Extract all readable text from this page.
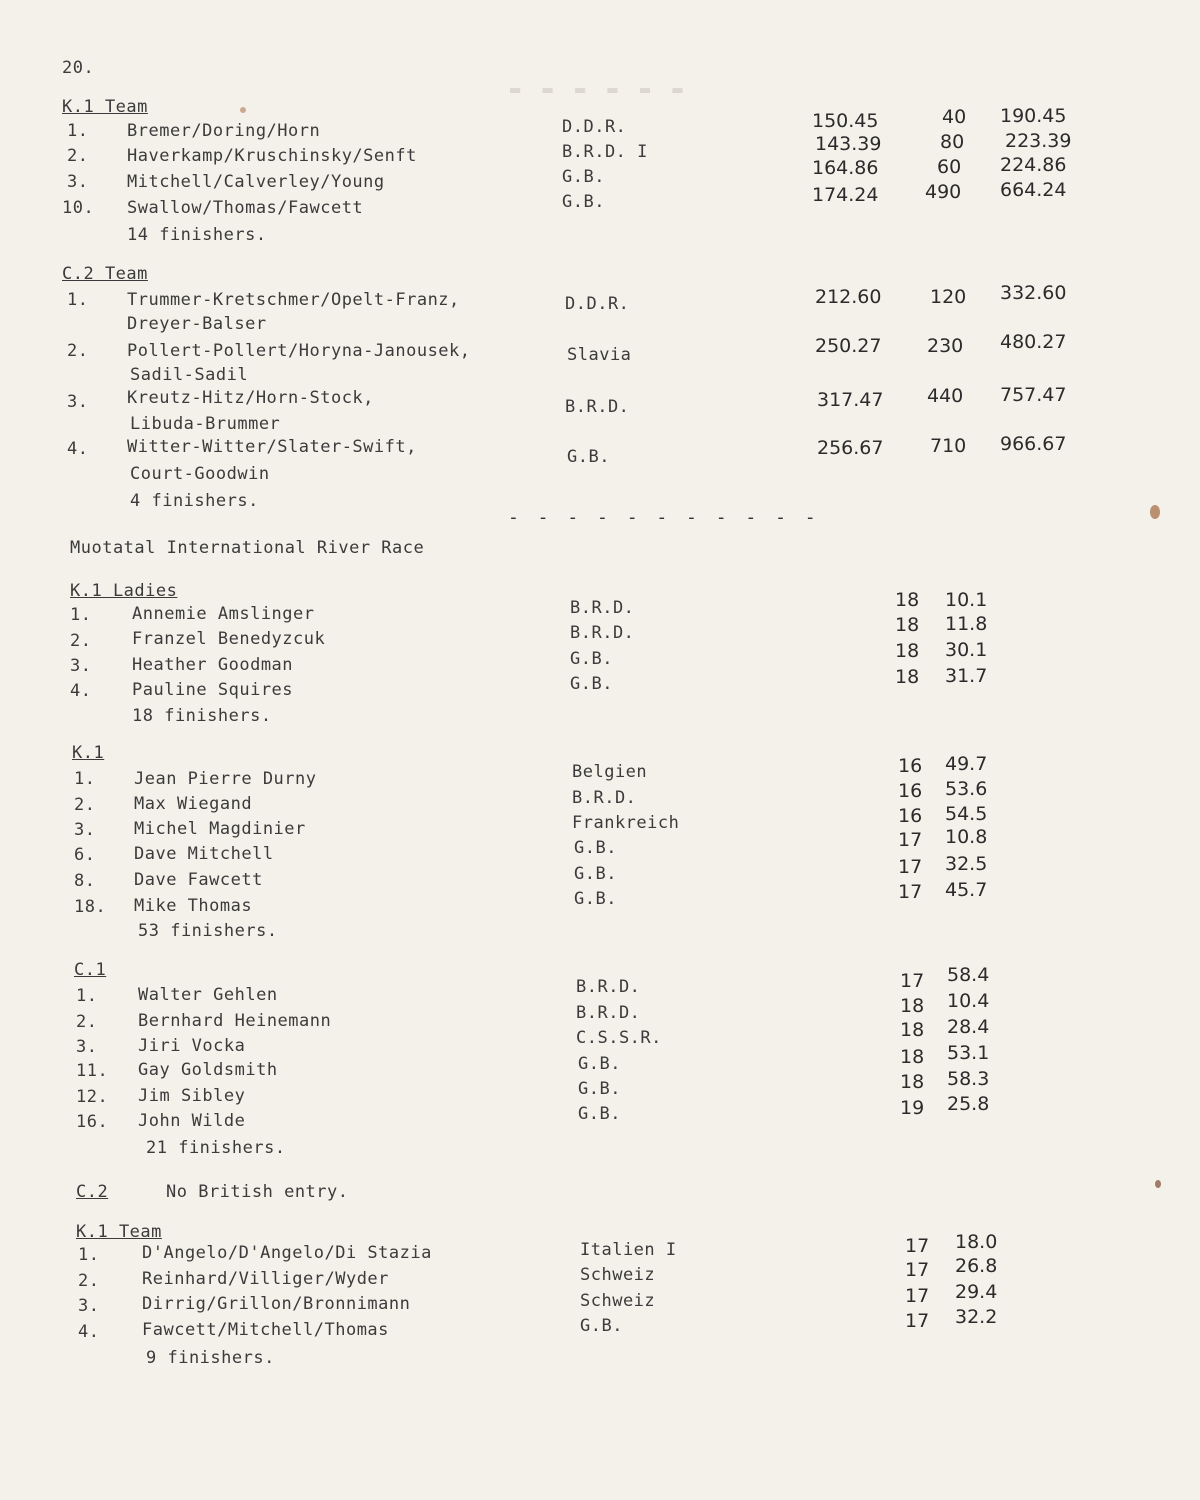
▬ ▬ ▬ ▬ ▬ ▬
20.
K.1 Team
1. Bremer/Doring/Horn	D.D.R.	150.45	40 190.45
2. Haverkamp/Kruschinsky/Senft	B.R.D. I	143.39	80 223.39
3. Mitchell/Calverley/Young	G.B.	164.86	60 224.86
10. Swallow/Thomas/Fawcett	G.B.	174.24 490 664.24
14 finishers.
C.2 Team
1. Trummer-Kretschmer/Opelt-Franz,
Dreyer-Balser
D.D.R.	212.60	120 332.60
2. Pollert-Pollert/Horyna-Janousek,
Sadil-Sadil
Slavia	250.27 230 480.27
3. Kreutz-Hitz/Horn-Stock,
Libuda-Brummer
B.R.D.	317.47 440 757.47
4. Witter-Witter/Slater-Swift,
Court-Goodwin
G.B.	256.67 710 966.67
4 finishers.
- - - - - - - - - - -
Muotatal International River Race
K.1 Ladies
1. Annemie Amslinger	B.R.D.	18 10.1
2. Franzel Benedyzcuk	B.R.D.	18 11.8
3. Heather Goodman	G.B.	18 30.1
4. Pauline Squires	G.B.	18 31.7
18 finishers.
K.1
1. Jean Pierre Durny	Belgien	16 49.7
2. Max Wiegand	B.R.D.	16 53.6
3. Michel Magdinier	Frankreich	16 54.5
6. Dave Mitchell	G.B.	17 10.8
8. Dave Fawcett	G.B.	17 32.5
18. Mike Thomas	G.B.	17 45.7
53 finishers.
C.1
1. Walter Gehlen	B.R.D.	17 58.4
2. Bernhard Heinemann	B.R.D.	18 10.4
3. Jiri Vocka	C.S.S.R.	18 28.4
11. Gay Goldsmith	G.B.	18 53.1
12. Jim Sibley	G.B.	18 58.3
16. John Wilde	G.B.	19 25.8
21 finishers.
C.2	No British entry.
K.1 Team
1.	D'Angelo/D'Angelo/Di Stazia	Italien I	17 18.0
2.	Reinhard/Villiger/Wyder	Schweiz	17 26.8
3.	Dirrig/Grillon/Bronnimann	Schweiz	17 29.4
4.	Fawcett/Mitchell/Thomas	G.B.	17 32.2
9 finishers.
